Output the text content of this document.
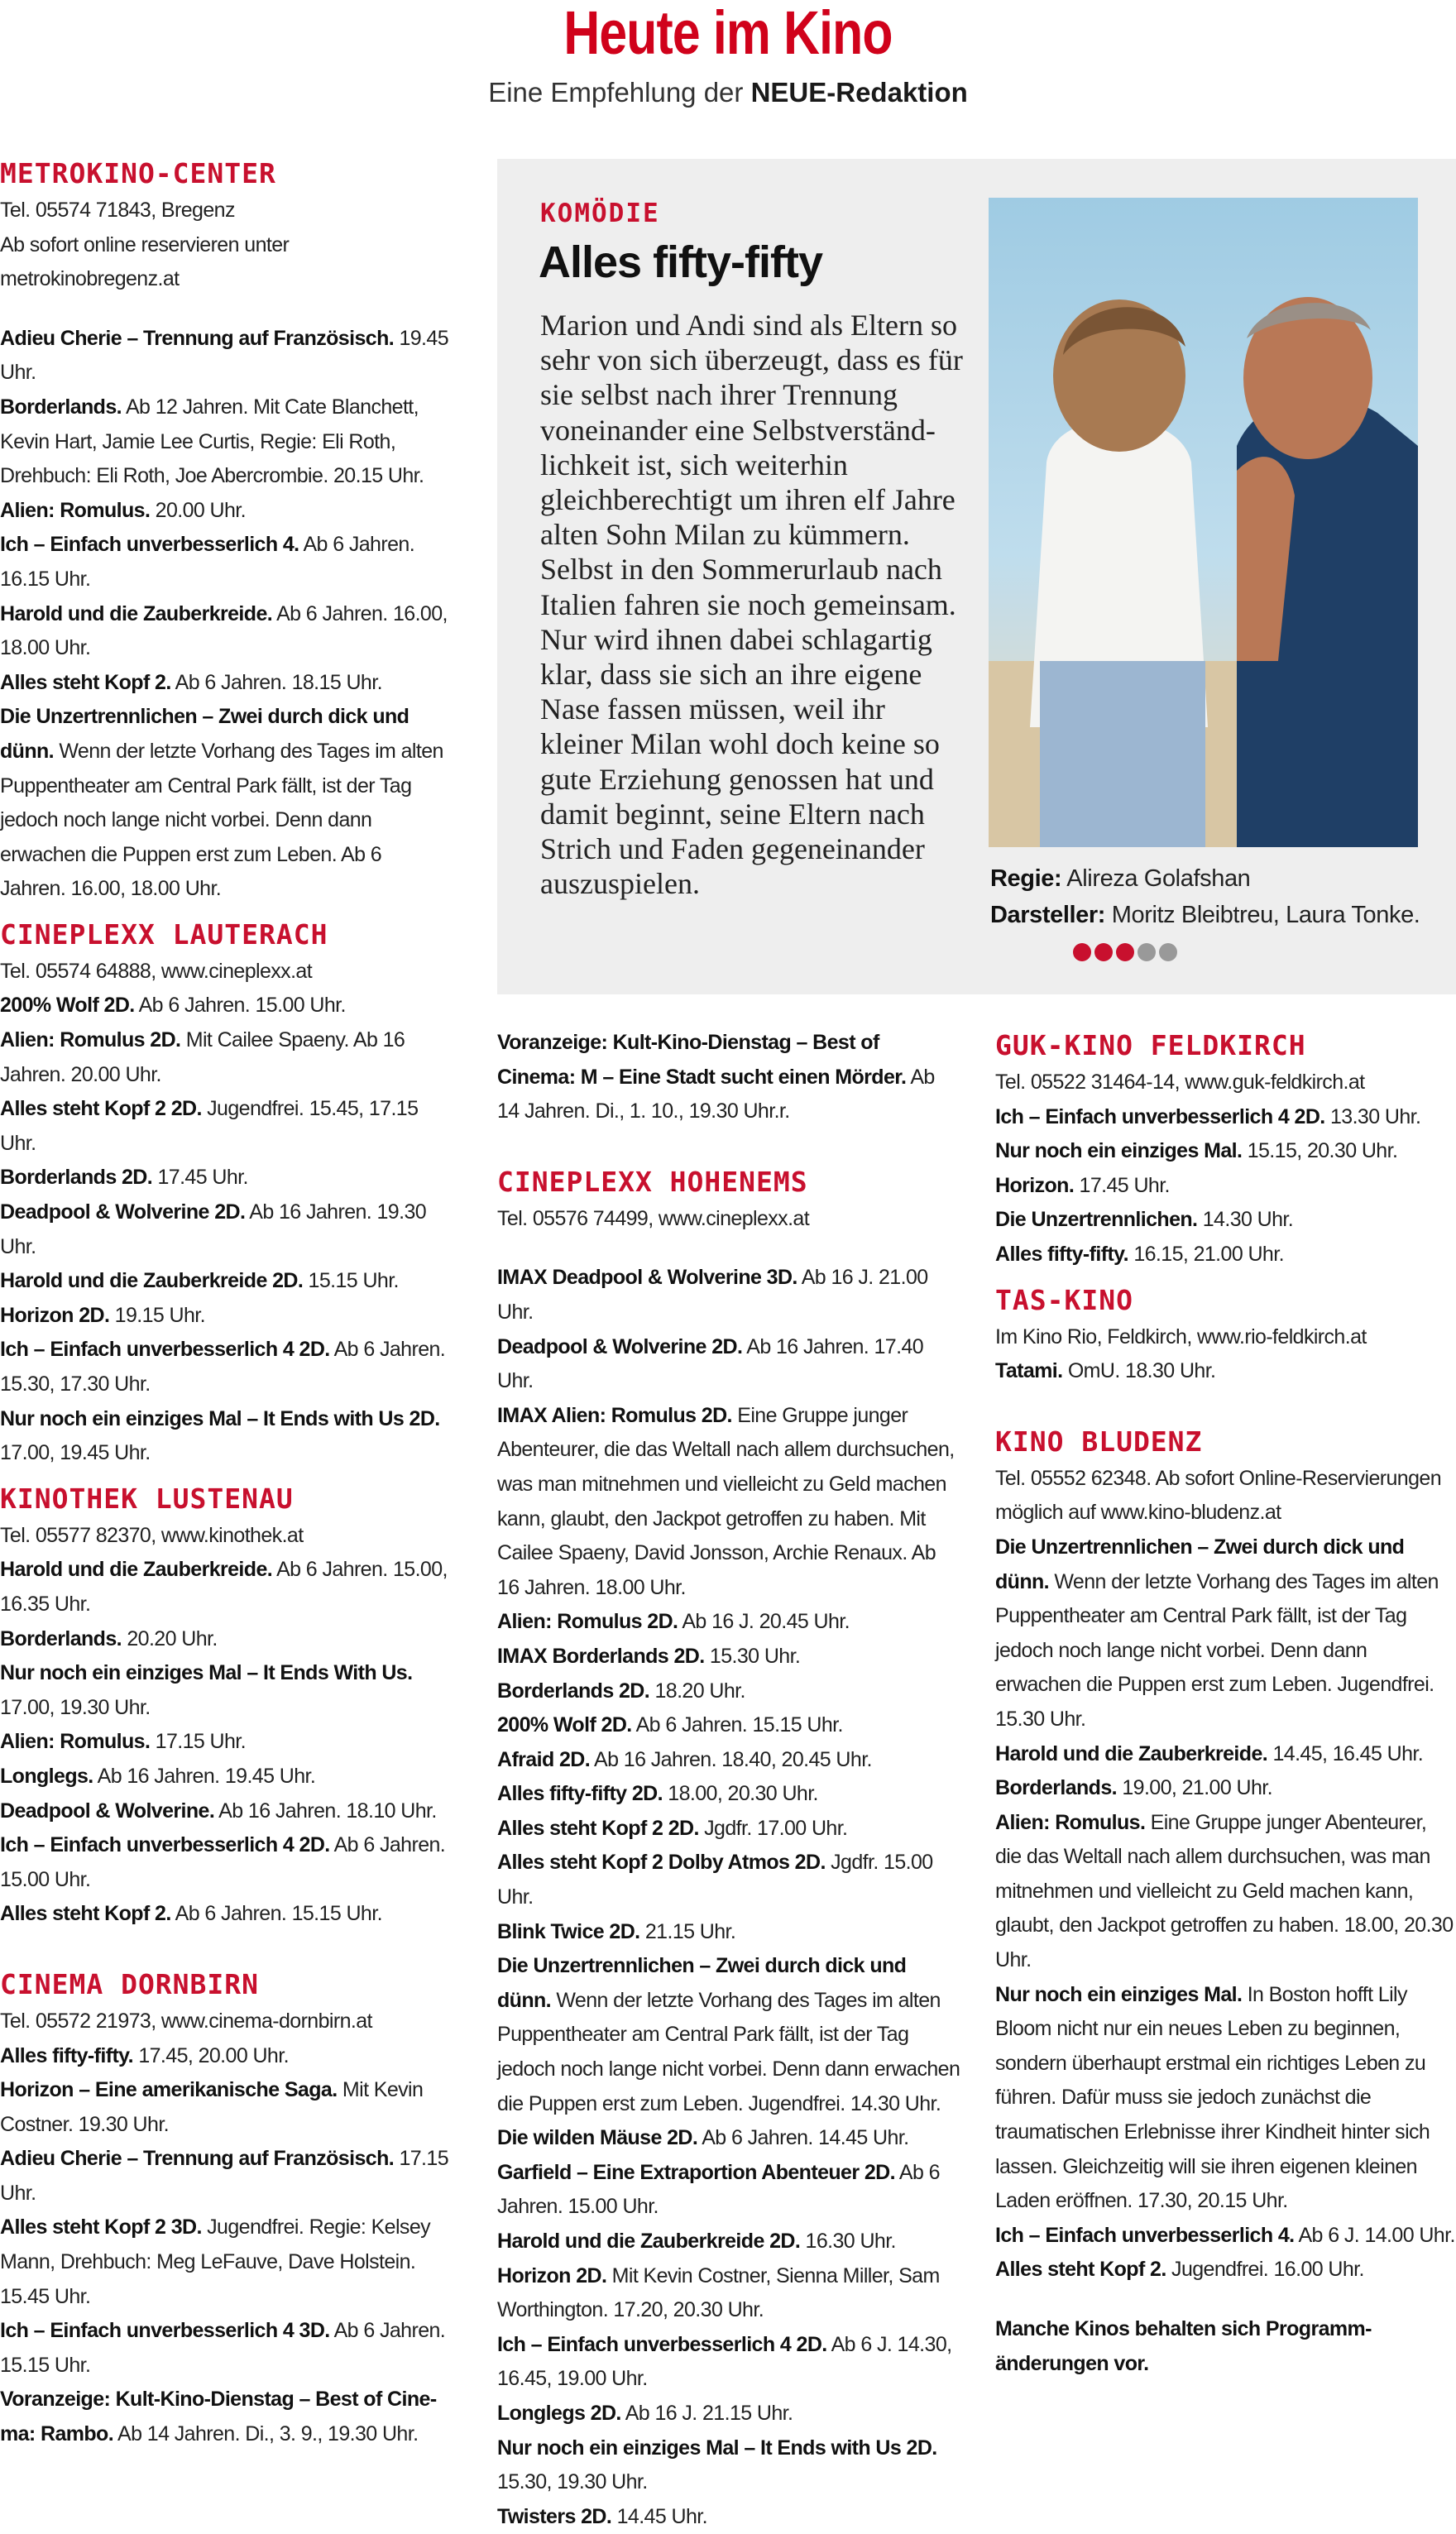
Heute im Kino
Eine Empfehlung der NEUE-Redaktion
METROKINO-CENTER

Tel. 05574 71843, Bregenz

Ab sofort online reservieren unter metrokinobregenz.at

Adieu Cherie – Trennung auf Französisch. 19.45 Uhr.

Borderlands. Ab 12 Jahren. Mit Cate Blanchett, Kevin Hart, Jamie Lee Curtis, Regie: Eli Roth, Drehbuch: Eli Roth, Joe Abercrombie. 20.15 Uhr.

Alien: Romulus. 20.00 Uhr.

Ich – Einfach unverbesserlich 4. Ab 6 Jahren. 16.15 Uhr.

Harold und die Zauberkreide. Ab 6 Jahren. 16.00, 18.00 Uhr.

Alles steht Kopf 2. Ab 6 Jahren. 18.15 Uhr.

Die Unzertrennlichen – Zwei durch dick und dünn. Wenn der letzte Vorhang des Tages im alten Puppentheater am Central Park fällt, ist der Tag jedoch noch lange nicht vorbei. Denn dann erwachen die Puppen erst zum Leben. Ab 6 Jahren. 16.00, 18.00 Uhr.

CINEPLEXX LAUTERACH

Tel. 05574 64888, www.cineplexx.at

200% Wolf 2D. Ab 6 Jahren. 15.00 Uhr.

Alien: Romulus 2D. Mit Cailee Spaeny. Ab 16 Jahren. 20.00 Uhr.

Alles steht Kopf 2 2D. Jugendfrei. 15.45, 17.15 Uhr.

Borderlands 2D. 17.45 Uhr.

Deadpool & Wolverine 2D. Ab 16 Jahren. 19.30 Uhr.

Harold und die Zauberkreide 2D. 15.15 Uhr.

Horizon 2D. 19.15 Uhr.

Ich – Einfach unverbesserlich 4 2D. Ab 6 Jahren. 15.30, 17.30 Uhr.

Nur noch ein einziges Mal – It Ends with Us 2D. 17.00, 19.45 Uhr.

KINOTHEK LUSTENAU

Tel. 05577 82370, www.kinothek.at

Harold und die Zauberkreide. Ab 6 Jahren. 15.00, 16.35 Uhr.

Borderlands. 20.20 Uhr.

Nur noch ein einziges Mal – It Ends With Us. 17.00, 19.30 Uhr.

Alien: Romulus. 17.15 Uhr.

Longlegs. Ab 16 Jahren. 19.45 Uhr.

Deadpool & Wolverine. Ab 16 Jahren. 18.10 Uhr.

Ich – Einfach unverbesserlich 4 2D. Ab 6 Jahren. 15.00 Uhr.

Alles steht Kopf 2. Ab 6 Jahren. 15.15 Uhr.

CINEMA DORNBIRN

Tel. 05572 21973, www.cinema-dornbirn.at

Alles fifty-fifty. 17.45, 20.00 Uhr.

Horizon – Eine amerikanische Saga. Mit Kevin Costner. 19.30 Uhr.

Adieu Cherie – Trennung auf Französisch. 17.15 Uhr.

Alles steht Kopf 2 3D. Jugendfrei. Regie: Kelsey Mann, Drehbuch: Meg LeFauve, Dave Holstein. 15.45 Uhr.

Ich – Einfach unverbesserlich 4 3D. Ab 6 Jahren. 15.15 Uhr.

Voranzeige: Kult-Kino-Dienstag – Best of Cinema: Rambo. Ab 14 Jahren. Di., 3. 9., 19.30 Uhr.

KOMÖDIE
Alles fifty-fifty
Marion und Andi sind als Eltern so sehr von sich überzeugt, dass es für sie selbst nach ihrer Trennung voneinander eine Selbstverständlichkeit ist, sich weiterhin gleichberechtigt um ihren elf Jahre alten Sohn Milan zu kümmern. Selbst in den Sommerurlaub nach Italien fahren sie noch gemeinsam. Nur wird ihnen dabei schlagartig klar, dass sie sich an ihre eigene Nase fassen müssen, weil ihr kleiner Milan wohl doch keine so gute Erziehung genossen hat und damit beginnt, seine Eltern nach Strich und Faden gegeneinander auszuspielen.	Regie: Alireza Golafshan
Darsteller: Moritz Bleibtreu, Laura Tonke.

Voranzeige: Kult-Kino-Dienstag – Best of Cinema: M – Eine Stadt sucht einen Mörder. Ab 14 Jahren. Di., 1. 10., 19.30 Uhr.r.

CINEPLEXX HOHENEMS

Tel. 05576 74499, www.cineplexx.at

IMAX Deadpool & Wolverine 3D. Ab 16 J. 21.00 Uhr.

Deadpool & Wolverine 2D. Ab 16 Jahren. 17.40 Uhr.

IMAX Alien: Romulus 2D. Eine Gruppe junger Abenteurer, die das Weltall nach allem durchsuchen, was man mitnehmen und vielleicht zu Geld machen kann, glaubt, den Jackpot getroffen zu haben. Mit Cailee Spaeny, David Jonsson, Archie Renaux. Ab 16 Jahren. 18.00 Uhr.

Alien: Romulus 2D. Ab 16 J. 20.45 Uhr.

IMAX Borderlands 2D. 15.30 Uhr.

Borderlands 2D. 18.20 Uhr.

200% Wolf 2D. Ab 6 Jahren. 15.15 Uhr.

Afraid 2D. Ab 16 Jahren. 18.40, 20.45 Uhr.

Alles fifty-fifty 2D. 18.00, 20.30 Uhr.

Alles steht Kopf 2 2D. Jgdfr. 17.00 Uhr.

Alles steht Kopf 2 Dolby Atmos 2D. Jgdfr. 15.00 Uhr.

Blink Twice 2D. 21.15 Uhr.

Die Unzertrennlichen – Zwei durch dick und dünn. Wenn der letzte Vorhang des Tages im alten Puppentheater am Central Park fällt, ist der Tag jedoch noch lange nicht vorbei. Denn dann erwachen die Puppen erst zum Leben. Jugendfrei. 14.30 Uhr.

Die wilden Mäuse 2D. Ab 6 Jahren. 14.45 Uhr.

Garfield – Eine Extraportion Abenteuer 2D. Ab 6 Jahren. 15.00 Uhr.

Harold und die Zauberkreide 2D. 16.30 Uhr.

Horizon 2D. Mit Kevin Costner, Sienna Miller, Sam Worthington. 17.20, 20.30 Uhr.

Ich – Einfach unverbesserlich 4 2D. Ab 6 J. 14.30, 16.45, 19.00 Uhr.

Longlegs 2D. Ab 16 J. 21.15 Uhr.

Nur noch ein einziges Mal – It Ends with Us 2D. 15.30, 19.30 Uhr.

Twisters 2D. 14.45 Uhr.

GUK-KINO FELDKIRCH

Tel. 05522 31464-14, www.guk-feldkirch.at

Ich – Einfach unverbesserlich 4 2D. 13.30 Uhr.

Nur noch ein einziges Mal. 15.15, 20.30 Uhr.

Horizon. 17.45 Uhr.

Die Unzertrennlichen. 14.30 Uhr.

Alles fifty-fifty. 16.15, 21.00 Uhr.

TAS-KINO

Im Kino Rio, Feldkirch, www.rio-feldkirch.at

Tatami. OmU. 18.30 Uhr.

KINO BLUDENZ

Tel. 05552 62348. Ab sofort Online-Reservierungen möglich auf www.kino-bludenz.at

Die Unzertrennlichen – Zwei durch dick und dünn. Wenn der letzte Vorhang des Tages im alten Puppentheater am Central Park fällt, ist der Tag jedoch noch lange nicht vorbei. Denn dann erwachen die Puppen erst zum Leben. Jugendfrei. 15.30 Uhr.

Harold und die Zauberkreide. 14.45, 16.45 Uhr.

Borderlands. 19.00, 21.00 Uhr.

Alien: Romulus. Eine Gruppe junger Abenteurer, die das Weltall nach allem durchsuchen, was man mitnehmen und vielleicht zu Geld machen kann, glaubt, den Jackpot getroffen zu haben. 18.00, 20.30 Uhr.

Nur noch ein einziges Mal. In Boston hofft Lily Bloom nicht nur ein neues Leben zu beginnen, sondern überhaupt erstmal ein richtiges Leben zu führen. Dafür muss sie jedoch zunächst die traumatischen Erlebnisse ihrer Kindheit hinter sich lassen. Gleichzeitig will sie ihren eigenen kleinen Laden eröffnen. 17.30, 20.15 Uhr.

Ich – Einfach unverbesserlich 4. Ab 6 J. 14.00 Uhr.

Alles steht Kopf 2. Jugendfrei. 16.00 Uhr.

Manche Kinos behalten sich Programmänderungen vor.
